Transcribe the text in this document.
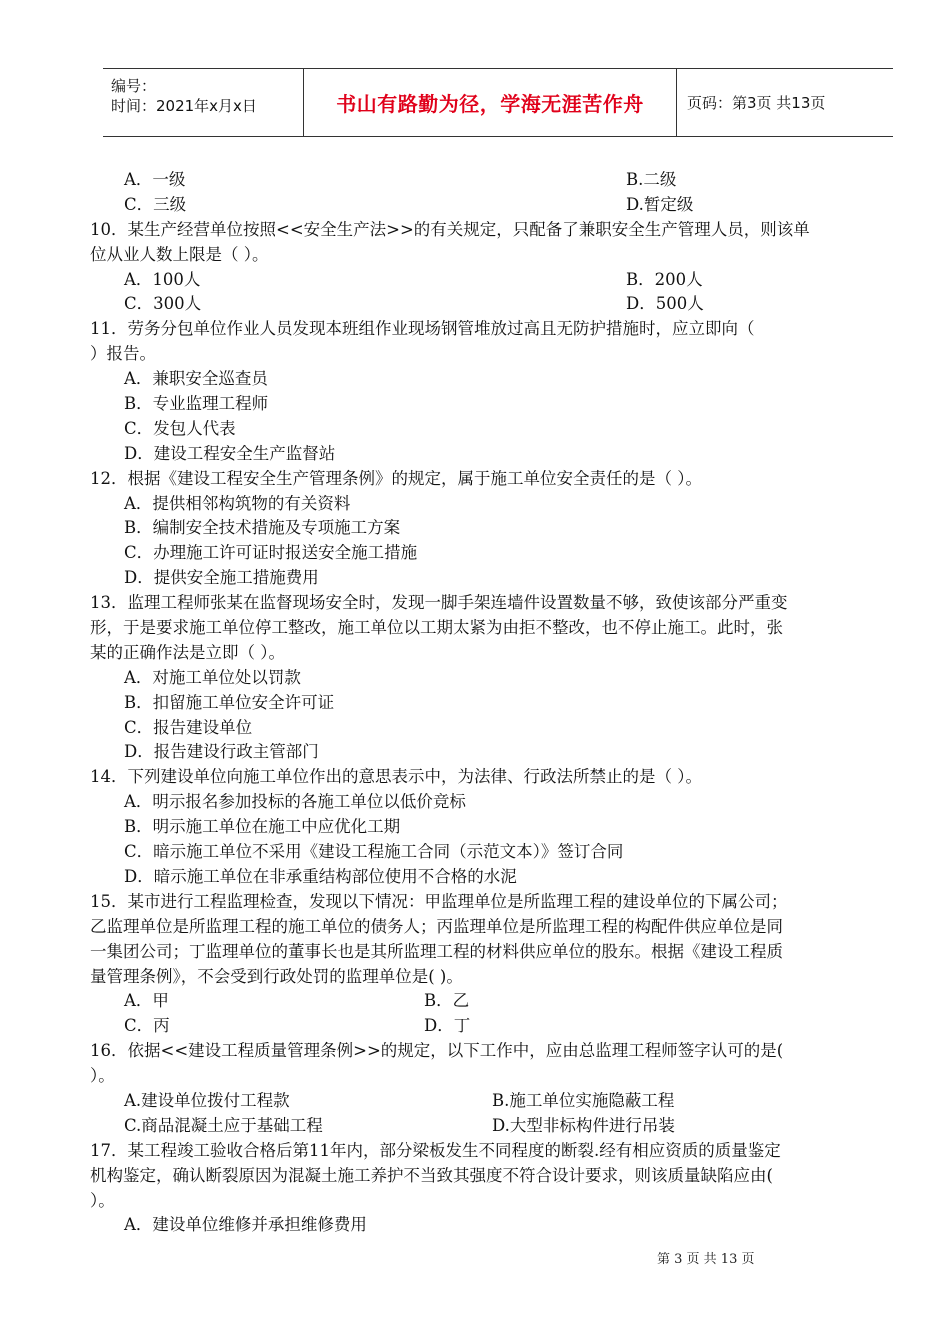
编号：
时间：2021年x月x日	书山有路勤为径，学海无涯苦作舟	页码：第3页 共13页
A．一级	B.二级
C．三级	D.暂定级
10．某生产经营单位按照<<安全生产法>>的有关规定，只配备了兼职安全生产管理人员，则该单
位从业人数上限是（ ）。
A．100人	B．200人
C．300人	D．500人
11．劳务分包单位作业人员发现本班组作业现场钢管堆放过高且无防护措施时，应立即向（
）报告。
A．兼职安全巡查员
B．专业监理工程师
C．发包人代表
D．建设工程安全生产监督站
12．根据《建设工程安全生产管理条例》的规定，属于施工单位安全责任的是（ ）。
A．提供相邻构筑物的有关资料
B．编制安全技术措施及专项施工方案
C．办理施工许可证时报送安全施工措施
D．提供安全施工措施费用
13．监理工程师张某在监督现场安全时，发现一脚手架连墙件设置数量不够，致使该部分严重变
形，于是要求施工单位停工整改，施工单位以工期太紧为由拒不整改，也不停止施工。此时，张
某的正确作法是立即（ ）。
A．对施工单位处以罚款
B．扣留施工单位安全许可证
C．报告建设单位
D．报告建设行政主管部门
14．下列建设单位向施工单位作出的意思表示中，为法律、行政法所禁止的是（ ）。
A．明示报名参加投标的各施工单位以低价竞标
B．明示施工单位在施工中应优化工期
C．暗示施工单位不采用《建设工程施工合同（示范文本）》签订合同
D．暗示施工单位在非承重结构部位使用不合格的水泥
15．某市进行工程监理检查，发现以下情况：甲监理单位是所监理工程的建设单位的下属公司；
乙监理单位是所监理工程的施工单位的债务人；丙监理单位是所监理工程的构配件供应单位是同
一集团公司；丁监理单位的董事长也是其所监理工程的材料供应单位的股东。根据《建设工程质
量管理条例》，不会受到行政处罚的监理单位是( )。
A．甲	B．乙
C．丙	D．丁
16．依据<<建设工程质量管理条例>>的规定，以下工作中，应由总监理工程师签字认可的是(
）。
A.建设单位拨付工程款	B.施工单位实施隐蔽工程
C.商品混凝土应于基础工程	D.大型非标构件进行吊装
17．某工程竣工验收合格后第11年内，部分梁板发生不同程度的断裂.经有相应资质的质量鉴定
机构鉴定，确认断裂原因为混凝土施工养护不当致其强度不符合设计要求，则该质量缺陷应由(
）。
A．建设单位维修并承担维修费用
第 3 页 共 13 页
